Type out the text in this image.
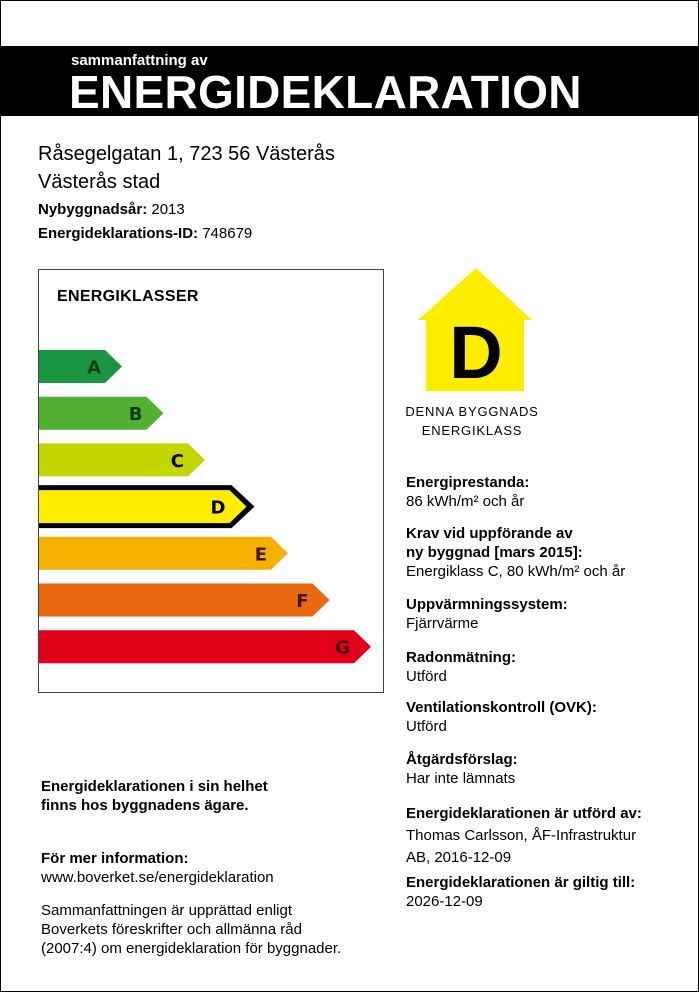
sammanfattning av
ENERGIDEKLARATION
Råsegelgatan 1, 723 56 Västerås
Västerås stad
Nybyggnadsår: 2013
Energideklarations-ID: 748679
ENERGIKLASSER
A
B
C
D
E
F
G
D
DENNA BYGGNADS
ENERGIKLASS
Energiprestanda:
86 kWh/m² och år
Krav vid uppförande av
ny byggnad [mars 2015]:
Energiklass C, 80 kWh/m² och år
Uppvärmningssystem:
Fjärrvärme
Radonmätning:
Utförd
Ventilationskontroll (OVK):
Utförd
Åtgärdsförslag:
Har inte lämnats
Energideklarationen är utförd av:
Thomas Carlsson, ÅF-Infrastruktur
AB, 2016-12-09
Energideklarationen är giltig till:
2026-12-09
Energideklarationen i sin helhet
finns hos byggnadens ägare.
För mer information:
www.boverket.se/energideklaration
Sammanfattningen är upprättad enligt
Boverkets föreskrifter och allmänna råd
(2007:4) om energideklaration för byggnader.
